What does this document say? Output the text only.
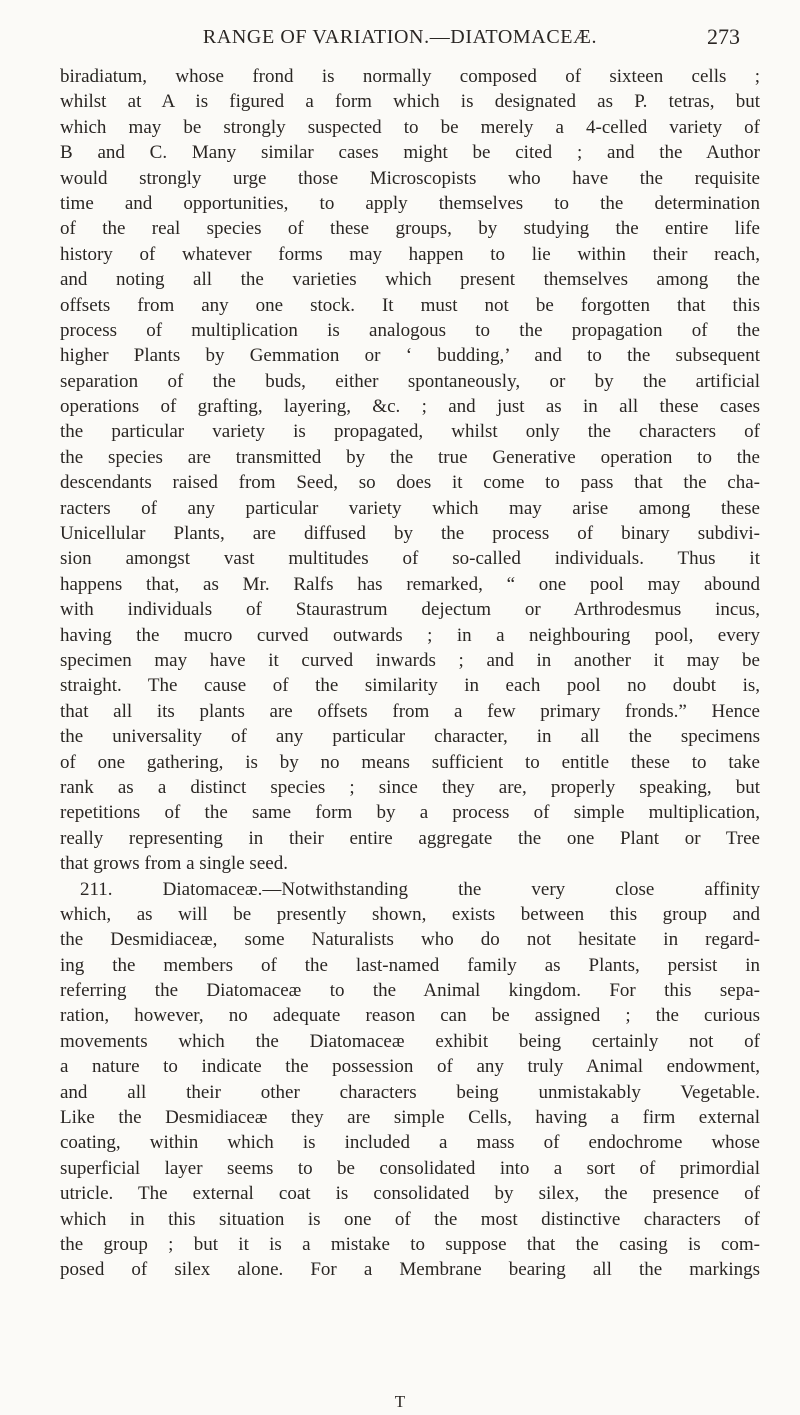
RANGE OF VARIATION.—DIATOMACEÆ.	273
biradiatum, whose frond is normally composed of sixteen cells ;
whilst at A is figured a form which is designated as P. tetras, but
which may be strongly suspected to be merely a 4-celled variety of
B and C. Many similar cases might be cited ; and the Author
would strongly urge those Microscopists who have the requisite
time and opportunities, to apply themselves to the determination
of the real species of these groups, by studying the entire life
history of whatever forms may happen to lie within their reach,
and noting all the varieties which present themselves among the
offsets from any one stock. It must not be forgotten that this
process of multiplication is analogous to the propagation of the
higher Plants by Gemmation or ‘ budding,’ and to the subsequent
separation of the buds, either spontaneously, or by the artificial
operations of grafting, layering, &c. ; and just as in all these cases
the particular variety is propagated, whilst only the characters of
the species are transmitted by the true Generative operation to the
descendants raised from Seed, so does it come to pass that the cha-
racters of any particular variety which may arise among these
Unicellular Plants, are diffused by the process of binary subdivi-
sion amongst vast multitudes of so-called individuals. Thus it
happens that, as Mr. Ralfs has remarked, “ one pool may abound
with individuals of Staurastrum dejectum or Arthrodesmus incus,
having the mucro curved outwards ; in a neighbouring pool, every
specimen may have it curved inwards ; and in another it may be
straight. The cause of the similarity in each pool no doubt is,
that all its plants are offsets from a few primary fronds.” Hence
the universality of any particular character, in all the specimens
of one gathering, is by no means sufficient to entitle these to take
rank as a distinct species ; since they are, properly speaking, but
repetitions of the same form by a process of simple multiplication,
really representing in their entire aggregate the one Plant or Tree
that grows from a single seed.
211. Diatomaceæ.—Notwithstanding the very close affinity
which, as will be presently shown, exists between this group and
the Desmidiaceæ, some Naturalists who do not hesitate in regard-
ing the members of the last-named family as Plants, persist in
referring the Diatomaceæ to the Animal kingdom. For this sepa-
ration, however, no adequate reason can be assigned ; the curious
movements which the Diatomaceæ exhibit being certainly not of
a nature to indicate the possession of any truly Animal endowment,
and all their other characters being unmistakably Vegetable.
Like the Desmidiaceæ they are simple Cells, having a firm external
coating, within which is included a mass of endochrome whose
superficial layer seems to be consolidated into a sort of primordial
utricle. The external coat is consolidated by silex, the presence of
which in this situation is one of the most distinctive characters of
the group ; but it is a mistake to suppose that the casing is com-
posed of silex alone. For a Membrane bearing all the markings
T
